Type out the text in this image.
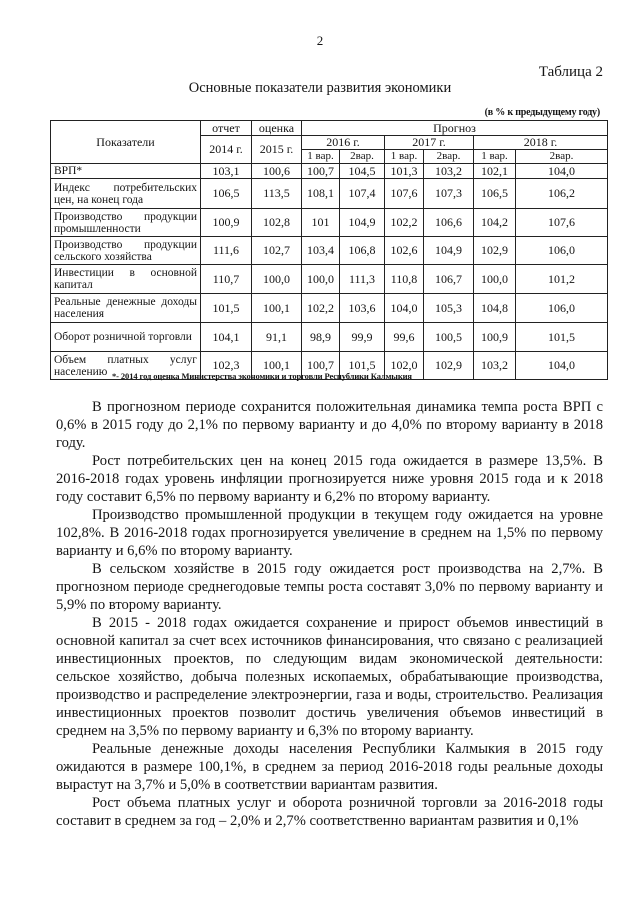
2
Таблица 2
Основные показатели развития экономики
(в % к предыдущему году)
Показатели	отчет	оценка	Прогноз					
	2014 г.	2015 г.	2016 г.		2017 г.		2018 г.	
			1 вар.	2вар.	1 вар.	2вар.	1 вар.	2вар.
ВРП*	103,1	100,6	100,7	104,5	101,3	103,2	102,1	104,0
Индекс потребительских цен, на конец года	106,5	113,5	108,1	107,4	107,6	107,3	106,5	106,2
Производство продукции промышленности	100,9	102,8	101	104,9	102,2	106,6	104,2	107,6
Производство продукции сельского хозяйства	111,6	102,7	103,4	106,8	102,6	104,9	102,9	106,0
Инвестиции в основной капитал	110,7	100,0	100,0	111,3	110,8	106,7	100,0	101,2
Реальные денежные доходы населения	101,5	100,1	102,2	103,6	104,0	105,3	104,8	106,0
Оборот розничной торговли	104,1	91,1	98,9	99,9	99,6	100,5	100,9	101,5
Объем платных услуг населению	102,3	100,1	100,7	101,5	102,0	102,9	103,2	104,0
*- 2014 год оценка Министерства экономики и торговли Республики Калмыкия

В прогнозном периоде сохранится положительная динамика темпа роста ВРП с 0,6% в 2015 году до 2,1% по первому варианту и до 4,0% по второму варианту в 2018 году.

Рост потребительских цен на конец 2015 года ожидается в размере 13,5%. В 2016-2018 годах уровень инфляции прогнозируется ниже уровня 2015 года и к 2018 году составит 6,5% по первому варианту и 6,2% по второму варианту.

Производство промышленной продукции в текущем году ожидается на уровне 102,8%. В 2016-2018 годах прогнозируется увеличение в среднем на 1,5% по первому варианту и 6,6% по второму варианту.

В сельском хозяйстве в 2015 году ожидается рост производства на 2,7%. В прогнозном периоде среднегодовые темпы роста составят 3,0% по первому варианту и 5,9% по второму варианту.

В 2015 - 2018 годах ожидается сохранение и прирост объемов инвестиций в основной капитал за счет всех источников финансирования, что связано с реализацией инвестиционных проектов, по следующим видам экономической деятельности: сельское хозяйство, добыча полезных ископаемых, обрабатывающие производства, производство и распределение электроэнергии, газа и воды, строительство. Реализация инвестиционных проектов позволит достичь увеличения объемов инвестиций в среднем на 3,5% по первому варианту и 6,3% по второму варианту.

Реальные денежные доходы населения Республики Калмыкия в 2015 году ожидаются в размере 100,1%, в среднем за период 2016-2018 годы реальные доходы вырастут на 3,7% и 5,0% в соответствии вариантам развития.

Рост объема платных услуг и оборота розничной торговли за 2016-2018 годы составит в среднем за год – 2,0% и 2,7% соответственно вариантам развития и 0,1%
